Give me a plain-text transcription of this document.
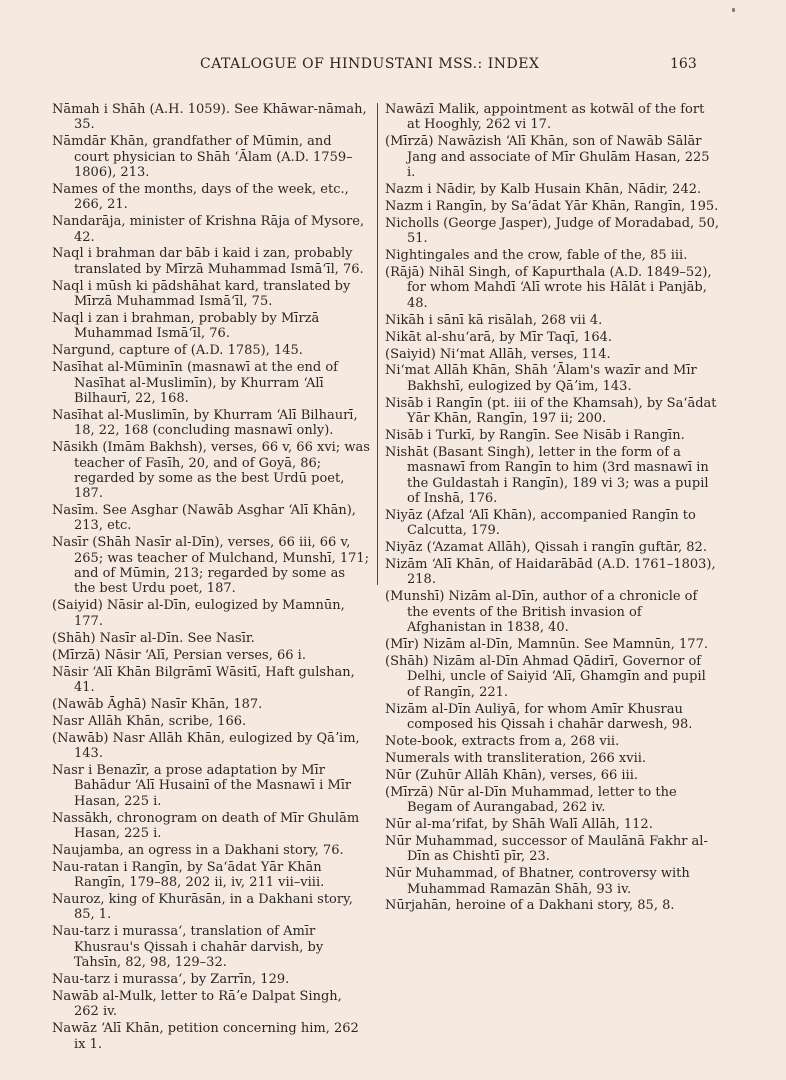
CATALOGUE OF HINDUSTANI MSS.: INDEX	163

Nāmah i Shāh (A.H. 1059). See Khāwar-nāmah, 35.

Nāmdār Khān, grandfather of Mūmin, and court physician to Shāh ʻĀlam (A.D. 1759–1806), 213.

Names of the months, days of the week, etc., 266, 21.

Nandarāja, minister of Krishna Rāja of Mysore, 42.

Naql i brahman dar bāb i kaid i zan, probably translated by Mīrzā Muhammad Ismāʻīl, 76.

Naql i mūsh ki pādshāhat kard, translated by Mīrzā Muhammad Ismāʻīl, 75.

Naql i zan i brahman, probably by Mīrzā Muhammad Ismāʻīl, 76.

Nargund, capture of (A.D. 1785), 145.

Nasīhat al-Mūminīn (masnawī at the end of Nasīhat al-Muslimīn), by Khurram ʻAlī Bilhaurī, 22, 168.

Nasīhat al-Muslimīn, by Khurram ʻAlī Bilhaurī, 18, 22, 168 (concluding masnawī only).

Nāsikh (Imām Bakhsh), verses, 66 v, 66 xvi; was teacher of Fasīh, 20, and of Goyā, 86; regarded by some as the best Urdū poet, 187.

Nasīm. See Asghar (Nawāb Asghar ʻAlī Khān), 213, etc.

Nasīr (Shāh Nasīr al-Dīn), verses, 66 iii, 66 v, 265; was teacher of Mulchand, Munshī, 171; and of Mūmin, 213; regarded by some as the best Urdu poet, 187.

(Saiyid) Nāsir al-Dīn, eulogized by Mamnūn, 177.

(Shāh) Nasīr al-Dīn. See Nasīr.

(Mīrzā) Nāsir ʻAlī, Persian verses, 66 i.

Nāsir ʻAlī Khān Bilgrāmī Wāsitī, Haft gulshan, 41.

(Nawāb Āghā) Nasīr Khān, 187.

Nasr Allāh Khān, scribe, 166.

(Nawāb) Nasr Allāh Khān, eulogized by Qāʼim, 143.

Nasr i Benazīr, a prose adaptation by Mīr Bahādur ʻAlī Husainī of the Masnawī i Mīr Hasan, 225 i.

Nassākh, chronogram on death of Mīr Ghulām Hasan, 225 i.

Naujamba, an ogress in a Dakhani story, 76.

Nau-ratan i Rangīn, by Saʻādat Yār Khān Rangīn, 179–88, 202 ii, iv, 211 vii–viii.

Nauroz, king of Khurāsān, in a Dakhani story, 85, 1.

Nau-tarz i murassaʻ, translation of Amīr Khusrau's Qissah i chahār darvish, by Tahsīn, 82, 98, 129–32.

Nau-tarz i murassaʻ, by Zarrīn, 129.

Nawāb al-Mulk, letter to Rāʼe Dalpat Singh, 262 iv.

Nawāz ʻAlī Khān, petition concerning him, 262 ix 1.

Nawāzī Malik, appointment as kotwāl of the fort at Hooghly, 262 vi 17.

(Mīrzā) Nawāzish ʻAlī Khān, son of Nawāb Sālār Jang and associate of Mīr Ghulām Hasan, 225 i.

Nazm i Nādir, by Kalb Husain Khān, Nādir, 242.

Nazm i Rangīn, by Saʻādat Yār Khān, Rangīn, 195.

Nicholls (George Jasper), Judge of Moradabad, 50, 51.

Nightingales and the crow, fable of the, 85 iii.

(Rājā) Nihāl Singh, of Kapurthala (A.D. 1849–52), for whom Mahdī ʻAlī wrote his Hālāt i Panjāb, 48.

Nikāh i sānī kā risālah, 268 vii 4.

Nikāt al-shuʻarā, by Mīr Taqī, 164.

(Saiyid) Niʻmat Allāh, verses, 114.

Niʻmat Allāh Khān, Shāh ʻĀlam's wazīr and Mīr Bakhshī, eulogized by Qāʼim, 143.

Nisāb i Rangīn (pt. iii of the Khamsah), by Saʻādat Yār Khān, Rangīn, 197 ii; 200.

Nisāb i Turkī, by Rangīn. See Nisāb i Rangīn.

Nishāt (Basant Singh), letter in the form of a masnawī from Rangīn to him (3rd masnawī in the Guldastah i Rangīn), 189 vi 3; was a pupil of Inshā, 176.

Niyāz (Afzal ʻAlī Khān), accompanied Rangīn to Calcutta, 179.

Niyāz (ʻAzamat Allāh), Qissah i rangīn guftār, 82.

Nizām ʻAlī Khān, of Haidarābād (A.D. 1761–1803), 218.

(Munshī) Nizām al-Dīn, author of a chronicle of the events of the British invasion of Afghanistan in 1838, 40.

(Mīr) Nizām al-Dīn, Mamnūn. See Mamnūn, 177.

(Shāh) Nizām al-Dīn Ahmad Qādirī, Governor of Delhi, uncle of Saiyid ʻAlī, Ghamgīn and pupil of Rangīn, 221.

Nizām al-Dīn Auliyā, for whom Amīr Khusrau composed his Qissah i chahār darwesh, 98.

Note-book, extracts from a, 268 vii.

Numerals with transliteration, 266 xvii.

Nūr (Zuhūr Allāh Khān), verses, 66 iii.

(Mīrzā) Nūr al-Dīn Muhammad, letter to the Begam of Aurangabad, 262 iv.

Nūr al-maʻrifat, by Shāh Walī Allāh, 112.

Nūr Muhammad, successor of Maulānā Fakhr al-Dīn as Chishtī pīr, 23.

Nūr Muhammad, of Bhatner, controversy with Muhammad Ramazān Shāh, 93 iv.

Nūrjahān, heroine of a Dakhani story, 85, 8.
